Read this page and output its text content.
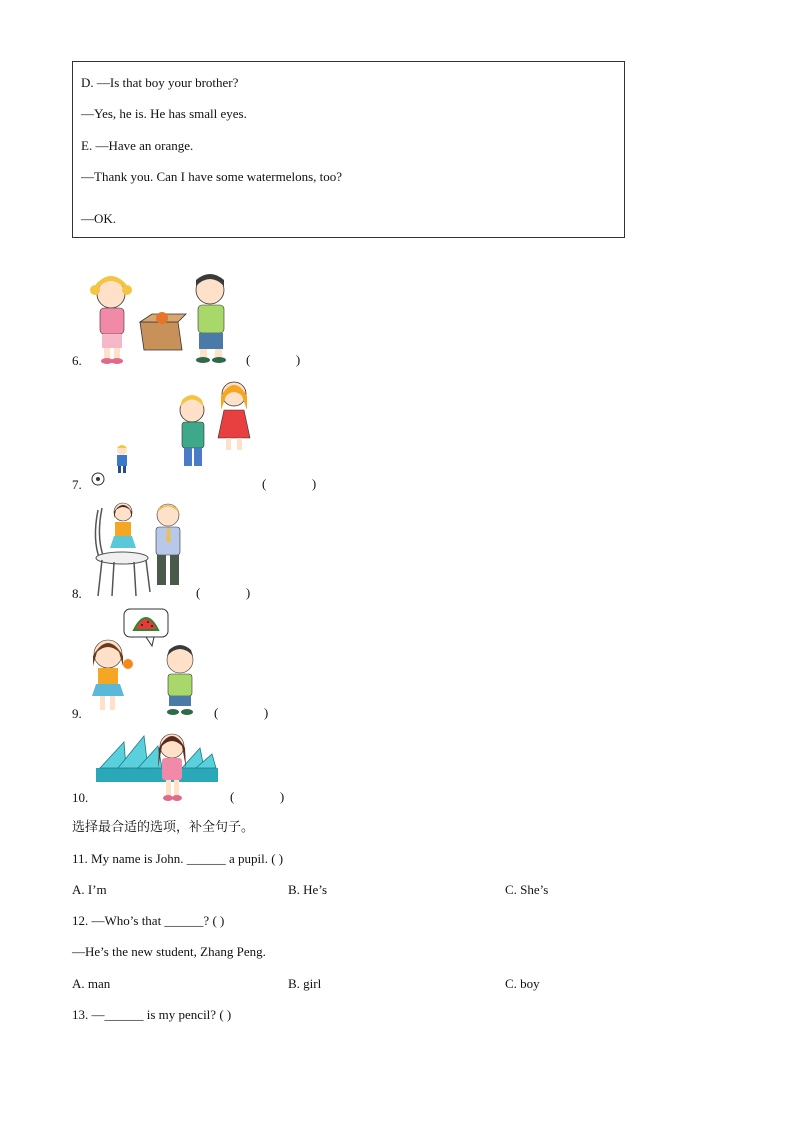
D. —Is that boy your brother?
—Yes, he is. He has small eyes.
E. —Have an orange.
—Thank you. Can I have some watermelons, too?
—OK.
6.	(              )
7.	(              )
8.	(              )
9.	(              )
10.	(              )
选择最合适的选项，补全句子。
11. My name is John. ______ a pupil. ( )
A. I’m	B. He’s	C. She’s
12. —Who’s that ______? ( )
—He’s the new student, Zhang Peng.
A. man	B. girl	C. boy
13. —______ is my pencil? ( )
